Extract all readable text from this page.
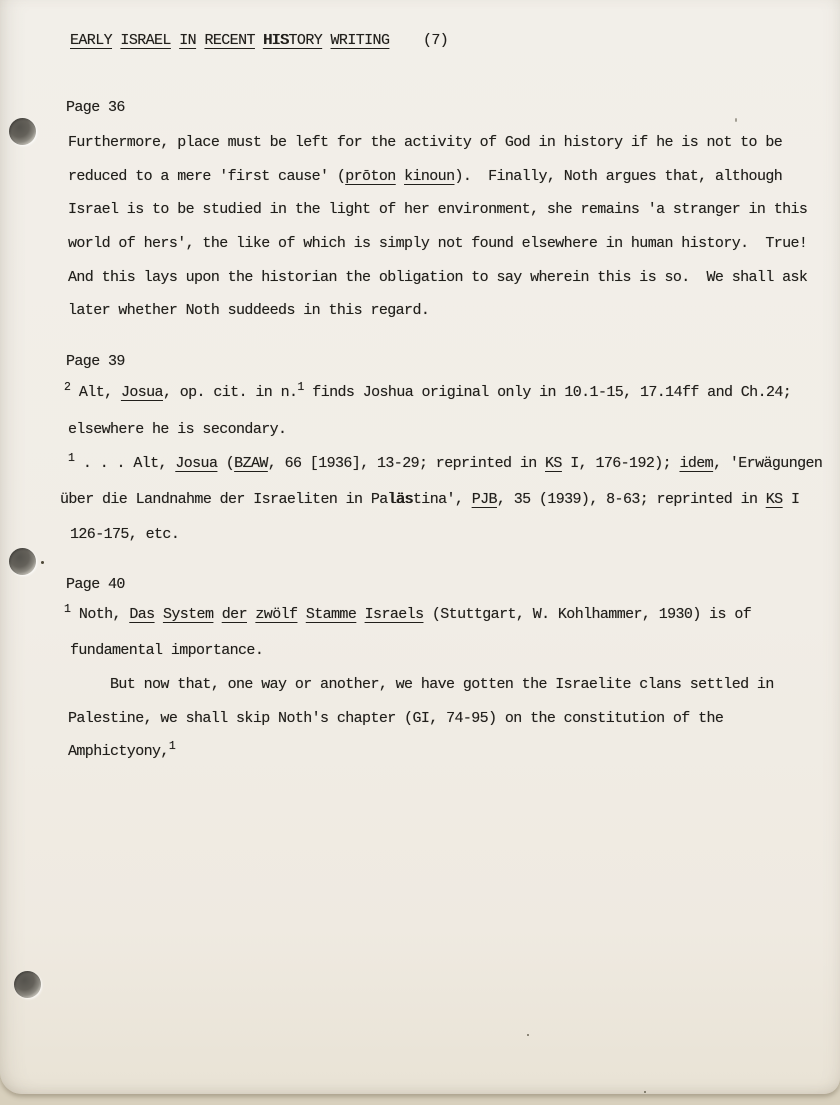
EARLY ISRAEL IN RECENT HISTORY WRITING    (7)
Page 36
Furthermore, place must be left for the activity of God in history if he is not to be
reduced to a mere 'first cause' (prōton kinoun).  Finally, Noth argues that, although
Israel is to be studied in the light of her environment, she remains 'a stranger in this
world of hers', the like of which is simply not found elsewhere in human history.  True!
And this lays upon the historian the obligation to say wherein this is so.  We shall ask
later whether Noth suddeeds in this regard.
Page 39
$^2$ Alt, Josua, op. cit. in n.$^1$ finds Joshua original only in 10.1-15, 17.14ff and Ch.24;
elsewhere he is secondary.
$^1$ . . . Alt, Josua (BZAW, 66 [1936], 13-29; reprinted in KS I, 176-192); idem, 'Erwägungen
über die Landnahme der Israeliten in Palästina', PJB, 35 (1939), 8-63; reprinted in KS I
126-175, etc.
Page 40
$^1$ Noth, Das System der zwölf Stamme Israels (Stuttgart, W. Kohlhammer, 1930) is of
fundamental importance.
But now that, one way or another, we have gotten the Israelite clans settled in
Palestine, we shall skip Noth's chapter (GI, 74-95) on the constitution of the
Amphictyony,$^1$
